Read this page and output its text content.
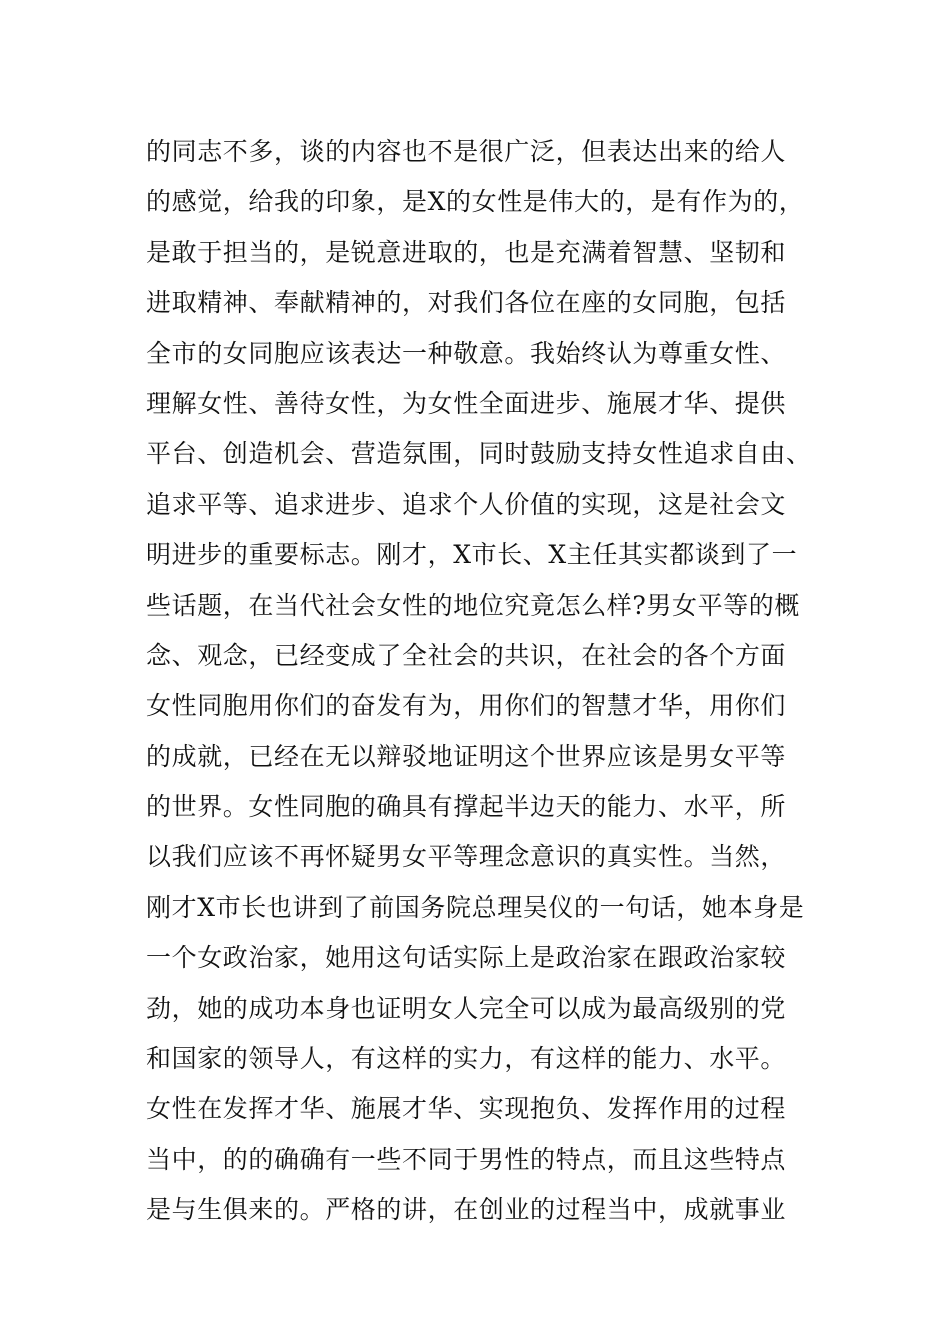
的同志不多，谈的内容也不是很广泛，但表达出来的给人
的感觉，给我的印象，是X的女性是伟大的，是有作为的，
是敢于担当的，是锐意进取的，也是充满着智慧、坚韧和
进取精神、奉献精神的，对我们各位在座的女同胞，包括
全市的女同胞应该表达一种敬意。我始终认为尊重女性、
理解女性、善待女性，为女性全面进步、施展才华、提供
平台、创造机会、营造氛围，同时鼓励支持女性追求自由、
追求平等、追求进步、追求个人价值的实现，这是社会文
明进步的重要标志。刚才，X市长、X主任其实都谈到了一
些话题，在当代社会女性的地位究竟怎么样?男女平等的概
念、观念，已经变成了全社会的共识，在社会的各个方面
女性同胞用你们的奋发有为，用你们的智慧才华，用你们
的成就，已经在无以辩驳地证明这个世界应该是男女平等
的世界。女性同胞的确具有撑起半边天的能力、水平，所
以我们应该不再怀疑男女平等理念意识的真实性。当然，
刚才X市长也讲到了前国务院总理吴仪的一句话，她本身是
一个女政治家，她用这句话实际上是政治家在跟政治家较
劲，她的成功本身也证明女人完全可以成为最高级别的党
和国家的领导人，有这样的实力，有这样的能力、水平。
女性在发挥才华、施展才华、实现抱负、发挥作用的过程
当中，的的确确有一些不同于男性的特点，而且这些特点
是与生俱来的。严格的讲，在创业的过程当中，成就事业
